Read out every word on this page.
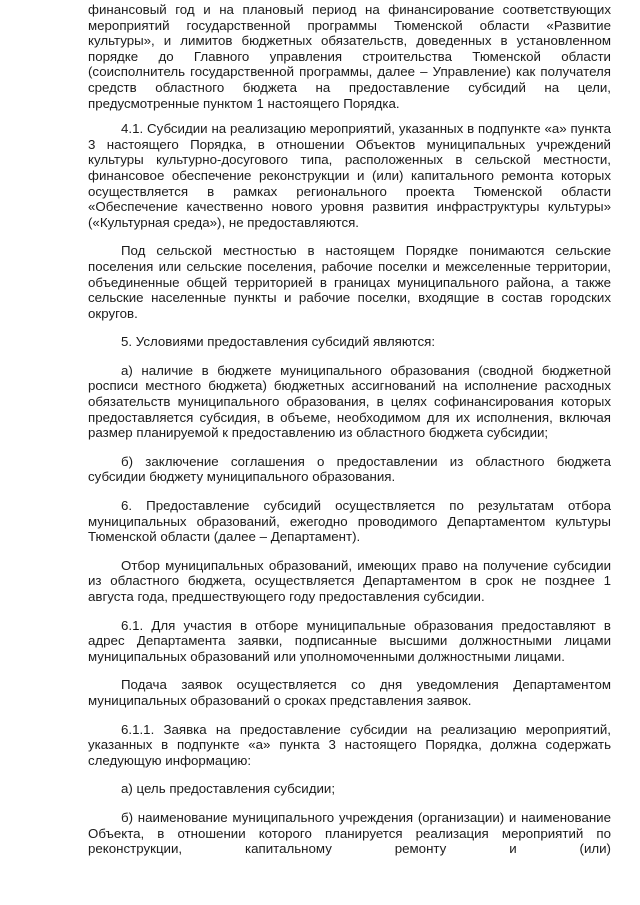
финансовый год и на плановый период на финансирование соответствующих мероприятий государственной программы Тюменской области «Развитие культуры», и лимитов бюджетных обязательств, доведенных в установленном порядке до Главного управления строительства Тюменской области (соисполнитель государственной программы, далее – Управление) как получателя средств областного бюджета на предоставление субсидий на цели, предусмотренные пунктом 1 настоящего Порядка.

4.1. Субсидии на реализацию мероприятий, указанных в подпункте «а» пункта 3 настоящего Порядка, в отношении Объектов муниципальных учреждений культуры культурно-досугового типа, расположенных в сельской местности, финансовое обеспечение реконструкции и (или) капитального ремонта которых осуществляется в рамках регионального проекта Тюменской области «Обеспечение качественно нового уровня развития инфраструктуры культуры» («Культурная среда»), не предоставляются.

Под сельской местностью в настоящем Порядке понимаются сельские поселения или сельские поселения, рабочие поселки и межселенные территории, объединенные общей территорией в границах муниципального района, а также сельские населенные пункты и рабочие поселки, входящие в состав городских округов.

5. Условиями предоставления субсидий являются:

а) наличие в бюджете муниципального образования (сводной бюджетной росписи местного бюджета) бюджетных ассигнований на исполнение расходных обязательств муниципального образования, в целях софинансирования которых предоставляется субсидия, в объеме, необходимом для их исполнения, включая размер планируемой к предоставлению из областного бюджета субсидии;

б) заключение соглашения о предоставлении из областного бюджета субсидии бюджету муниципального образования.

6. Предоставление субсидий осуществляется по результатам отбора муниципальных образований, ежегодно проводимого Департаментом культуры Тюменской области (далее – Департамент).

Отбор муниципальных образований, имеющих право на получение субсидии из областного бюджета, осуществляется Департаментом в срок не позднее 1 августа года, предшествующего году предоставления субсидии.

6.1. Для участия в отборе муниципальные образования предоставляют в адрес Департамента заявки, подписанные высшими должностными лицами муниципальных образований или уполномоченными должностными лицами.

Подача заявок осуществляется со дня уведомления Департаментом муниципальных образований о сроках представления заявок.

6.1.1. Заявка на предоставление субсидии на реализацию мероприятий, указанных в подпункте «а» пункта 3 настоящего Порядка, должна содержать следующую информацию:

а) цель предоставления субсидии;

б) наименование муниципального учреждения (организации) и наименование Объекта, в отношении которого планируется реализация мероприятий по реконструкции, капитальному ремонту и (или)
